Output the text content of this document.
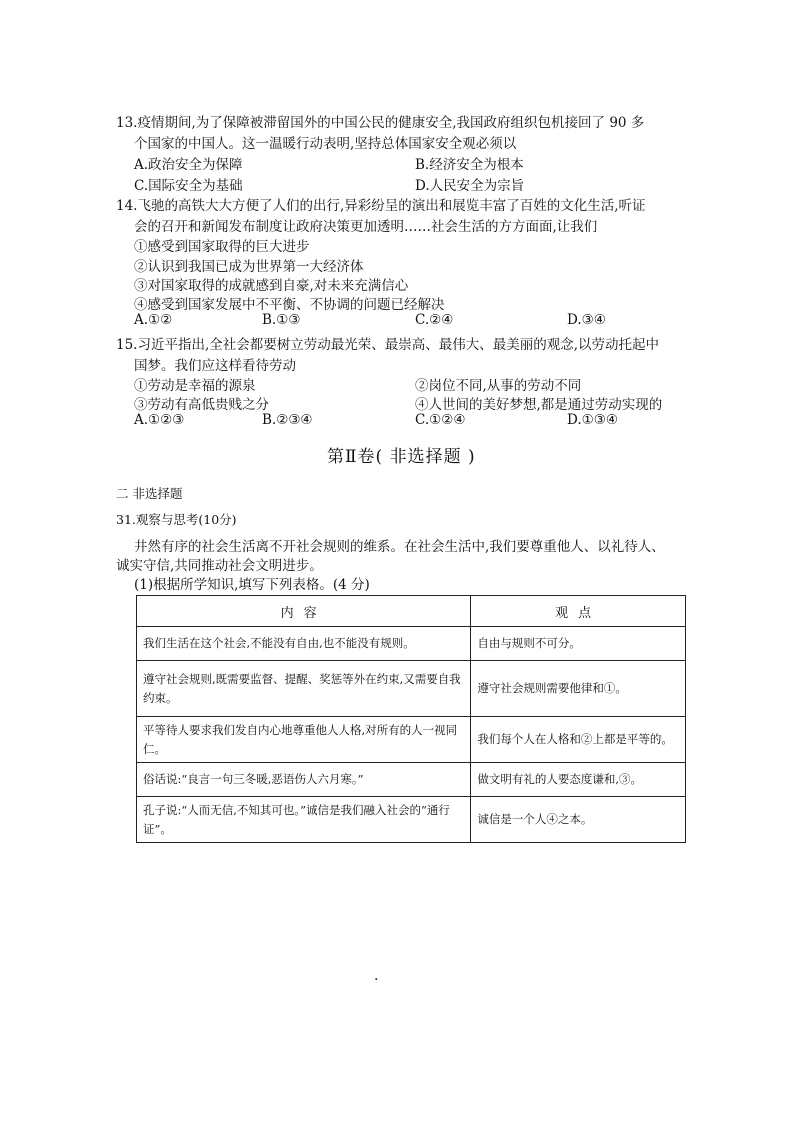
13.疫情期间,为了保障被滞留国外的中国公民的健康安全,我国政府组织包机接回了 90 多
个国家的中国人。这一温暖行动表明,坚持总体国家安全观必须以
A.政治安全为保障	B.经济安全为根本
C.国际安全为基础	D.人民安全为宗旨
14.飞驰的高铁大大方便了人们的出行,异彩纷呈的演出和展览丰富了百姓的文化生活,听证
会的召开和新闻发布制度让政府决策更加透明……社会生活的方方面面,让我们
①感受到国家取得的巨大进步
②认识到我国已成为世界第一大经济体
③对国家取得的成就感到自豪,对未来充满信心
④感受到国家发展中不平衡、不协调的问题已经解决
A.①②	B.①③	C.②④	D.③④
15.习近平指出,全社会都要树立劳动最光荣、最崇高、最伟大、最美丽的观念,以劳动托起中
国梦。我们应这样看待劳动
①劳动是幸福的源泉	②岗位不同,从事的劳动不同
③劳动有高低贵贱之分	④人世间的美好梦想,都是通过劳动实现的
A.①②③	B.②③④	C.①②④	D.①③④
第Ⅱ卷( 非选择题 )
二 非选择题
31.观察与思考(10分)
井然有序的社会生活离不开社会规则的维系。在社会生活中,我们要尊重他人、以礼待人、
诚实守信,共同推动社会文明进步。
(1)根据所学知识,填写下列表格。(4 分)
内容	观点
我们生活在这个社会,不能没有自由,也不能没有规则。	自由与规则不可分。
遵守社会规则,既需要监督、提醒、奖惩等外在约束,又需要自我约束。	遵守社会规则需要他律和①。
平等待人要求我们发自内心地尊重他人人格,对所有的人一视同仁。	我们每个人在人格和②上都是平等的。
俗话说:“良言一句三冬暖,恶语伤人六月寒。”	做文明有礼的人要态度谦和,③。
孔子说:“人而无信,不知其可也。”诚信是我们融入社会的“通行证”。	诚信是一个人④之本。
.
